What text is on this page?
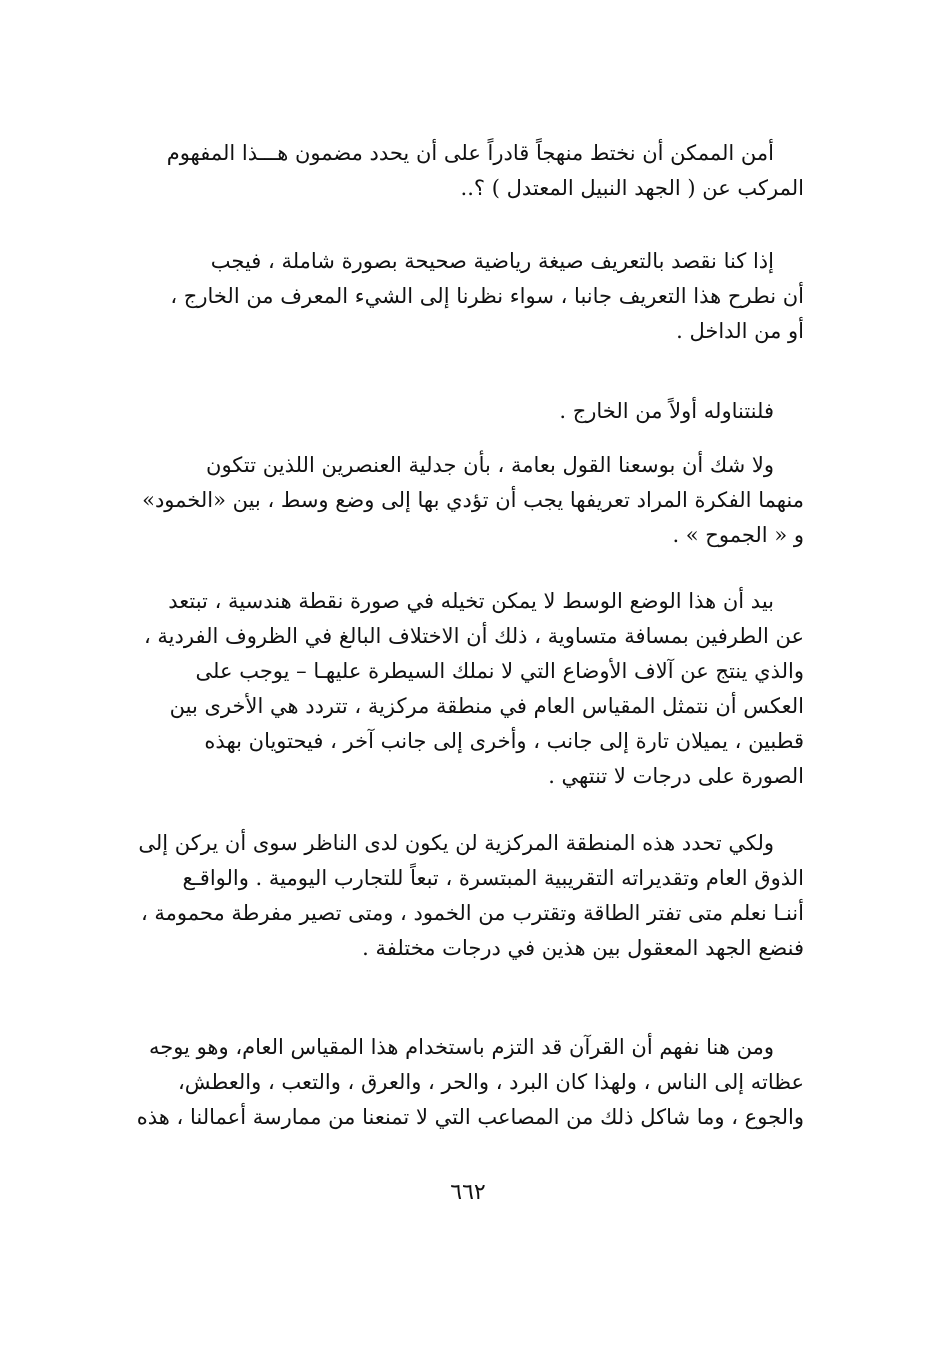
أمن الممكن أن نختط منهجاً قادراً على أن يحدد مضمون هـــذا المفهوم
المركب عن ( الجهد النبيل المعتدل ) ؟..
إذا كنا نقصد بالتعريف صيغة رياضية صحيحة بصورة شاملة ، فيجب
أن نطرح هذا التعريف جانبا ، سواء نظرنا إلى الشيء المعرف من الخارج ،
أو من الداخل .
فلنتناوله أولاً من الخارج .
ولا شك أن بوسعنا القول بعامة ، بأن جدلية العنصرين اللذين تتكون
منهما الفكرة المراد تعريفها يجب أن تؤدي بها إلى وضع وسط ، بين «الخمود»
و « الجموح » .
بيد أن هذا الوضع الوسط لا يمكن تخيله في صورة نقطة هندسية ، تبتعد
عن الطرفين بمسافة متساوية ، ذلك أن الاختلاف البالغ في الظروف الفردية ،
والذي ينتج عن آلاف الأوضاع التي لا نملك السيطرة عليهـا – يوجب على
العكس أن نتمثل المقياس العام في منطقة مركزية ، تتردد هي الأخرى بين
قطبين ، يميلان تارة إلى جانب ، وأخرى إلى جانب آخر ، فيحتويان بهذه
الصورة على درجات لا تنتهي .
ولكي تحدد هذه المنطقة المركزية لن يكون لدى الناظر سوى أن يركن إلى
الذوق العام وتقديراته التقريبية المبتسرة ، تبعاً للتجارب اليومية . والواقـع
أننـا نعلم متى تفتر الطاقة وتقترب من الخمود ، ومتى تصير مفرطة محمومة ،
فنضع الجهد المعقول بين هذين في درجات مختلفة .
ومن هنا نفهم أن القرآن قد التزم باستخدام هذا المقياس العام، وهو يوجه
عظاته إلى الناس ، ولهذا كان البرد ، والحر ، والعرق ، والتعب ، والعطش،
والجوع ، وما شاكل ذلك من المصاعب التي لا تمنعنا من ممارسة أعمالنا ، هذه
٦٦٢
